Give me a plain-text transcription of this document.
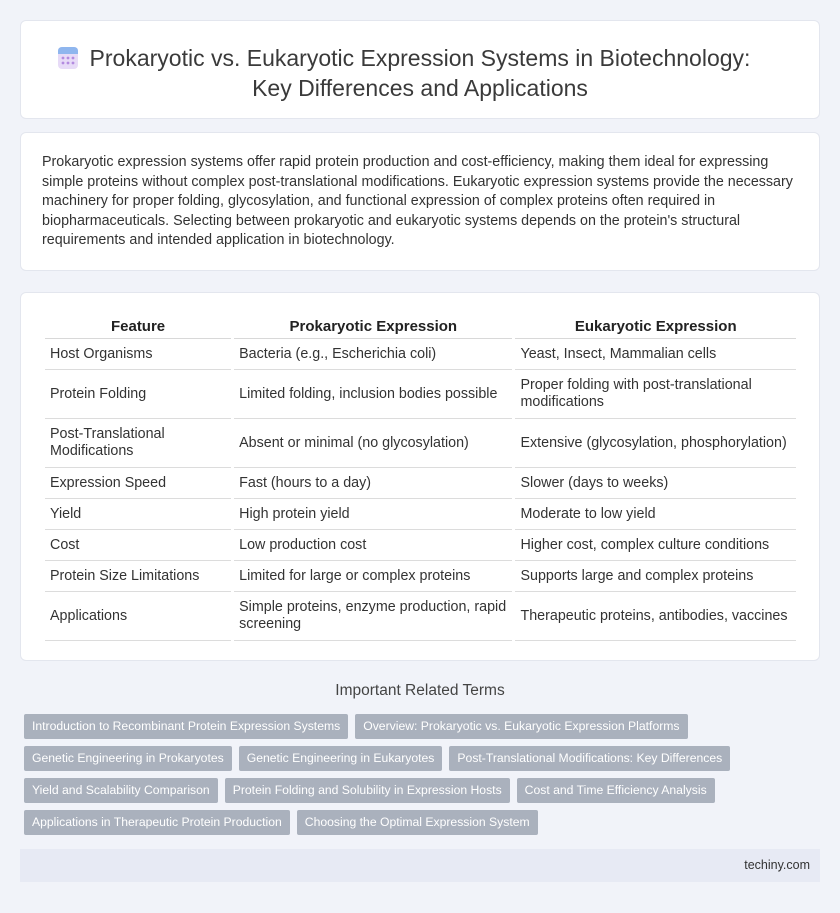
Prokaryotic vs. Eukaryotic Expression Systems in Biotechnology:
Key Differences and Applications

Prokaryotic expression systems offer rapid protein production and cost-efficiency, making them ideal for expressing simple proteins without complex post-translational modifications. Eukaryotic expression systems provide the necessary machinery for proper folding, glycosylation, and functional expression of complex proteins often required in biopharmaceuticals. Selecting between prokaryotic and eukaryotic systems depends on the protein's structural requirements and intended application in biotechnology.

Feature	Prokaryotic Expression	Eukaryotic Expression
Host Organisms	Bacteria (e.g., Escherichia coli)	Yeast, Insect, Mammalian cells
Protein Folding	Limited folding, inclusion bodies possible	Proper folding with post-translational modifications
Post-Translational Modifications	Absent or minimal (no glycosylation)	Extensive (glycosylation, phosphorylation)
Expression Speed	Fast (hours to a day)	Slower (days to weeks)
Yield	High protein yield	Moderate to low yield
Cost	Low production cost	Higher cost, complex culture conditions
Protein Size Limitations	Limited for large or complex proteins	Supports large and complex proteins
Applications	Simple proteins, enzyme production, rapid screening	Therapeutic proteins, antibodies, vaccines
Important Related Terms
Introduction to Recombinant Protein Expression Systems	Overview: Prokaryotic vs. Eukaryotic Expression Platforms
Genetic Engineering in Prokaryotes	Genetic Engineering in Eukaryotes	Post-Translational Modifications: Key Differences
Yield and Scalability Comparison	Protein Folding and Solubility in Expression Hosts	Cost and Time Efficiency Analysis
Applications in Therapeutic Protein Production	Choosing the Optimal Expression System
techiny.com
